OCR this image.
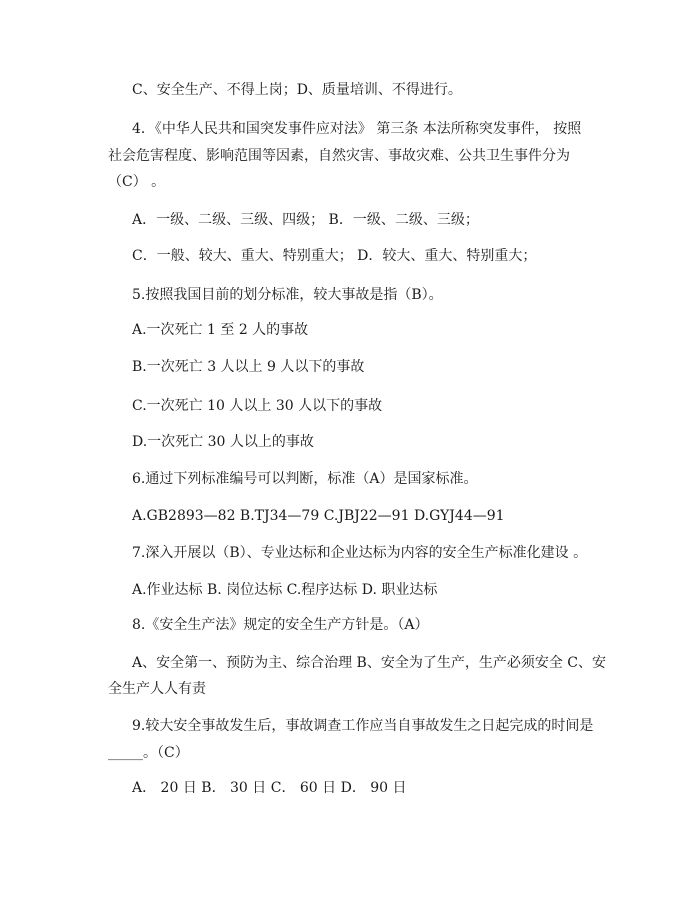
C、安全生产、不得上岗；D、质量培训、不得进行。
4．《中华人民共和国突发事件应对法》 第三条 本法所称突发事件， 按照
社会危害程度、影响范围等因素，自然灾害、事故灾难、公共卫生事件分为
（C） 。
A．一级、二级、三级、四级； B．一级、二级、三级；
C．一般、较大、重大、特别重大； D．较大、重大、特别重大；
5.按照我国目前的划分标准，较大事故是指（B）。
A.一次死亡 1 至 2 人的事故
B.一次死亡 3 人以上 9 人以下的事故
C.一次死亡 10 人以上 30 人以下的事故
D.一次死亡 30 人以上的事故
6.通过下列标准编号可以判断，标准（A）是国家标准。
A.GB2893—82 B.TJ34—79 C.JBJ22—91 D.GYJ44—91
7.深入开展以（B）、专业达标和企业达标为内容的安全生产标准化建设 。
A.作业达标 B. 岗位达标 C.程序达标 D. 职业达标
8.《安全生产法》规定的安全生产方针是。（A）
A、安全第一、预防为主、综合治理 B、安全为了生产，生产必须安全 C、安
全生产人人有责
9.较大安全事故发生后，事故调查工作应当自事故发生之日起完成的时间是
_____。（C）
A． 20 日 B． 30 日 C． 60 日 D． 90 日
